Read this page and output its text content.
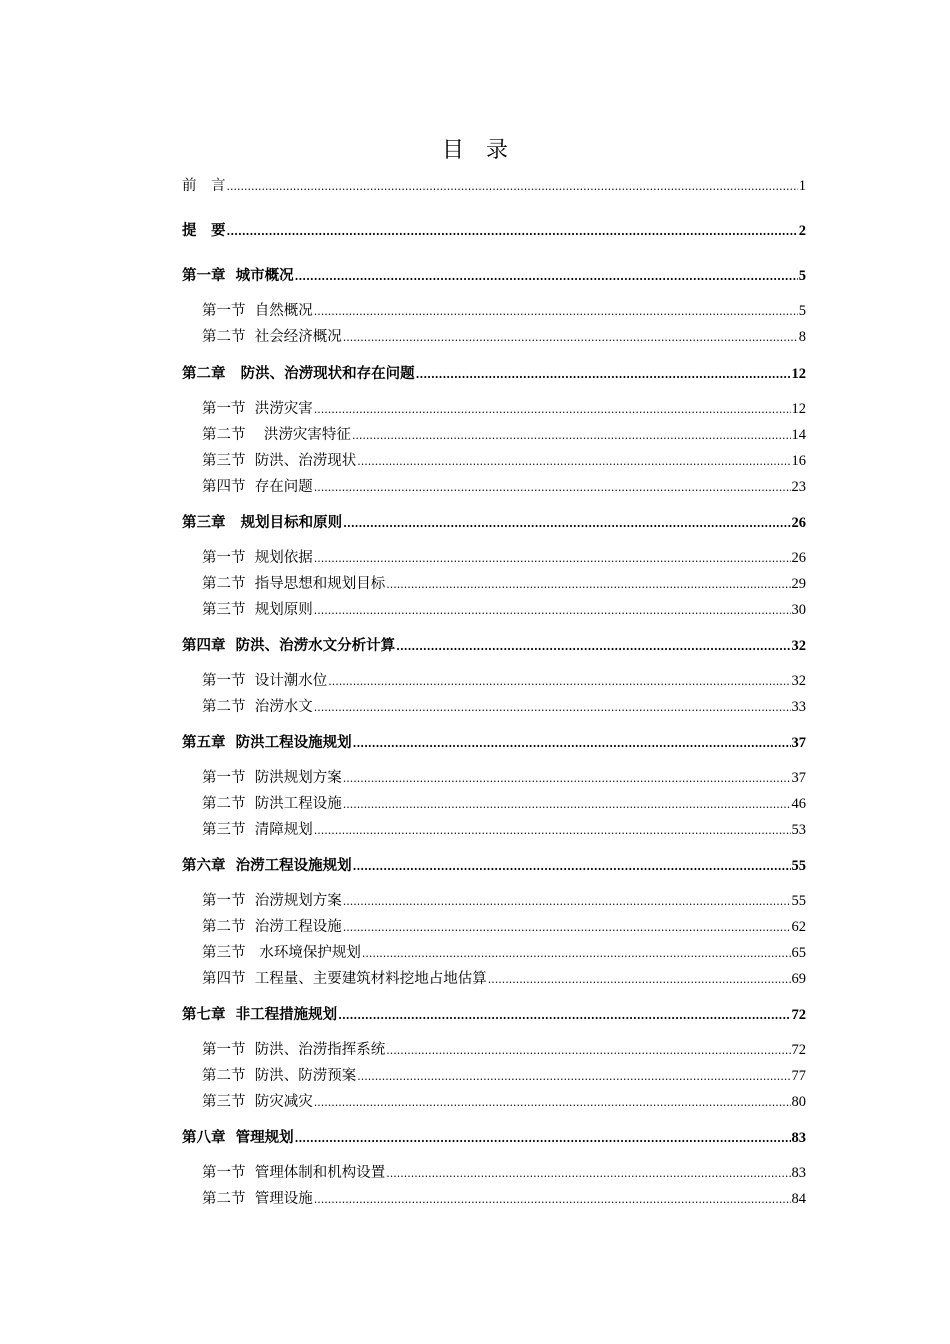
目　录
前　言 .....	1
提　要 .....	2
第一章  城市概况 .....	5
第一节  自然概况 .....	5
第二节  社会经济概况 .....	8
第二章   防洪、治涝现状和存在问题 .....	12
第一节  洪涝灾害 .....	12
第二节    洪涝灾害特征 .....	14
第三节  防洪、治涝现状 .....	16
第四节  存在问题 .....	23
第三章   规划目标和原则 .....	26
第一节  规划依据 .....	26
第二节  指导思想和规划目标 .....	29
第三节  规划原则 .....	30
第四章  防洪、治涝水文分析计算 .....	32
第一节  设计潮水位 .....	32
第二节  治涝水文 .....	33
第五章  防洪工程设施规划 .....	37
第一节  防洪规划方案 .....	37
第二节  防洪工程设施 .....	46
第三节  清障规划 .....	53
第六章  治涝工程设施规划 .....	55
第一节  治涝规划方案 .....	55
第二节  治涝工程设施 .....	62
第三节   水环境保护规划 .....	65
第四节  工程量、主要建筑材料挖地占地估算 .....	69
第七章  非工程措施规划 .....	72
第一节  防洪、治涝指挥系统 .....	72
第二节  防洪、防涝预案 .....	77
第三节  防灾减灾 .....	80
第八章  管理规划 .....	83
第一节  管理体制和机构设置 .....	83
第二节  管理设施 .....	84
